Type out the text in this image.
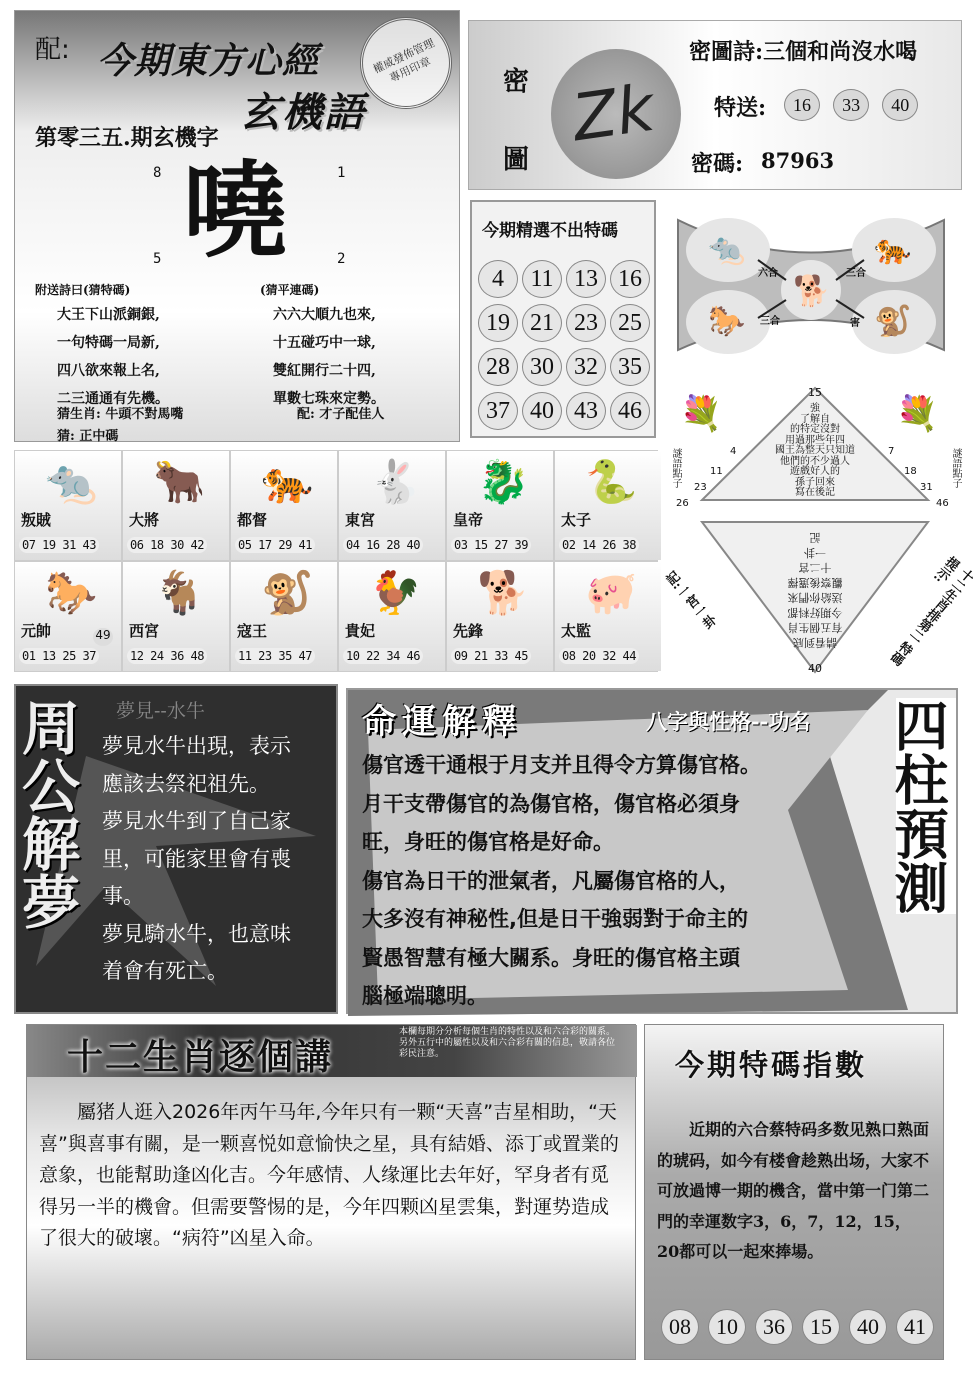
配: 今期東方心經
玄機語
權威發佈管理專用印章
第零三五.期玄機字
8	1
5	2
嘵
附送詩曰(猜特碼)	(猜平連碼)
大王下山派銅銀,
一句特碼一局新,
四八欲來報上名,
二三通通有先機。
六六大順九也來,
十五碰巧中一球,
雙紅開行二十四,
單數七珠來定勢。
猜生肖: 牛頭不對馬嘴	配: 才子配佳人
猜: 正中碼
密圖詩:三個和尚沒水喝
密
圖
Zk	特送:	16 33 40
密碼: 87963
今期精選不出特碼
4	11 13 16
19 21 23 25
28 30 32 35
37 40 43 46
🐀	🐅
🐎	🐒
🐕
六合	三合
三合	害
🐀
叛賊
07 19 31 43
🐂
大將
06 18 30 42
🐅
都督
05 17 29 41
🐇
東宮
04 16 28 40
🐉
皇帝
03 15 27 39
🐍
太子
02 14 26 38
🐎
元帥
01 13 25 37
49
🐐
西宮
12 24 36 48
🐒
寇王
11 23 35 47
🐓
貴妃
10 22 34 46
🐕
先鋒
09 21 33 45
🐖
太監
08 20 32 44
15
40
💐	💐
謎語點子	謎語點子
4
11
23
26
7
18
31
46
強
了解自
的特定沒對
用過那些年四
國王為整天只知道
他們的不少過人
遊戲好人的
孫子回來
寫在後記
請看到底
有五個生肖
今期好料都
送給你們來
觀察後選擇
十二宮
一卦
記
記:一宮一卦	十二生肖排第二 特碼提示:
周公解夢 夢見--水牛
夢見水牛出現，表示
應該去祭祀祖先。
夢見水牛到了自己家
里，可能家里會有喪
事。
夢見騎水牛，也意味
着會有死亡。
命運解釋	八字與性格--功名 四柱預測
傷官透干通根于月支并且得令方算傷官格。
月干支帶傷官的為傷官格，傷官格必須身
旺，身旺的傷官格是好命。
傷官為日干的泄氣者，凡屬傷官格的人，
大多沒有神秘性,但是日干強弱對于命主的
賢愚智慧有極大關系。身旺的傷官格主頭
腦極端聰明。
十二生肖逐個講
本欄每期分分析每個生肖的特性以及和六合彩的關系。另外五行中的屬性以及和六合彩有關的信息，敬請各位彩民注意。
屬猪人逛入2026年丙午马年,今年只有一颗“天喜”吉星相助，“天喜”與喜事有關，是一颗喜悦如意愉快之星，具有結婚、添丁或置業的意象，也能幫助逢凶化吉。今年感情、人缘運比去年好，罕身者有觅得另一半的機會。但需要警惕的是，今年四颗凶星雲集，對運势造成了很大的破壞。“病符”凶星入命。
今期特碼指數
近期的六合蔡特码多数见熟口熟面的琥码，如今有楼會趁熟出场，大家不可放過博一期的機含，當中第一门第二門的幸運数字3，6，7，12，15，20都可以一起來捧場。
08	10	36	15	40	41
